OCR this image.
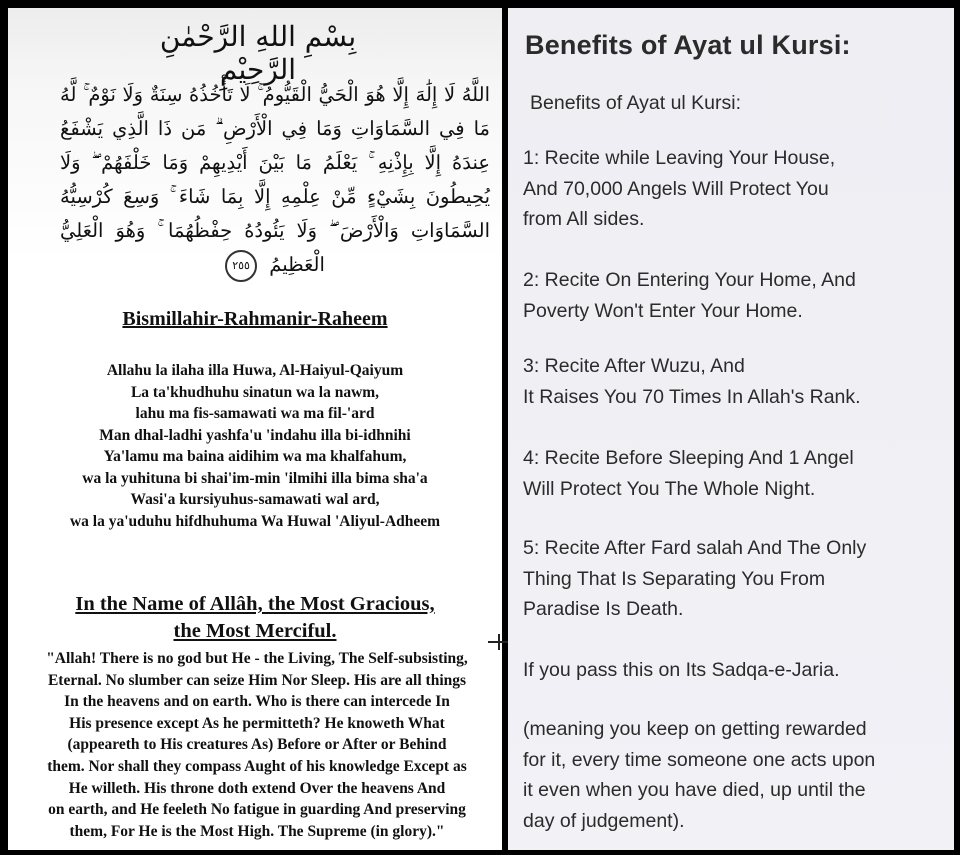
بِسْمِ اللهِ الرَّحْمٰنِ الرَّحِيْمِ
اللَّهُ لَا إِلَٰهَ إِلَّا هُوَ الْحَيُّ الْقَيُّومُ ۚ لَا تَأْخُذُهُ سِنَةٌ وَلَا نَوْمٌ ۚ لَّهُ مَا فِي السَّمَاوَاتِ وَمَا فِي الْأَرْضِ ۗ مَن ذَا الَّذِي يَشْفَعُ عِندَهُ إِلَّا بِإِذْنِهِ ۚ يَعْلَمُ مَا بَيْنَ أَيْدِيهِمْ وَمَا خَلْفَهُمْ ۖ وَلَا يُحِيطُونَ بِشَيْءٍ مِّنْ عِلْمِهِ إِلَّا بِمَا شَاءَ ۚ وَسِعَ كُرْسِيُّهُ السَّمَاوَاتِ وَالْأَرْضَ ۖ وَلَا يَئُودُهُ حِفْظُهُمَا ۚ وَهُوَ الْعَلِيُّ الْعَظِيمُ ٢٥٥
Bismillahir-Rahmanir-Raheem
Allahu la ilaha illa Huwa, Al-Haiyul-Qaiyum
La ta'khudhuhu sinatun wa la nawm,
lahu ma fis-samawati wa ma fil-'ard
Man dhal-ladhi yashfa'u 'indahu illa bi-idhnihi
Ya'lamu ma baina aidihim wa ma khalfahum,
wa la yuhituna bi shai'im-min 'ilmihi illa bima sha'a
Wasi'a kursiyuhus-samawati wal ard,
wa la ya'uduhu hifdhuhuma Wa Huwal 'Aliyul-Adheem
In the Name of Allâh, the Most Gracious,
the Most Merciful.
"Allah! There is no god but He - the Living, The Self-subsisting,
Eternal. No slumber can seize Him Nor Sleep. His are all things
In the heavens and on earth. Who is there can intercede In
His presence except As he permitteth? He knoweth What
(appeareth to His creatures As) Before or After or Behind
them. Nor shall they compass Aught of his knowledge Except as
He willeth. His throne doth extend Over the heavens And
on earth, and He feeleth No fatigue in guarding And preserving
them, For He is the Most High. The Supreme (in glory)."
Benefits of Ayat ul Kursi:
Benefits of Ayat ul Kursi:
1: Recite while Leaving Your House,
And 70,000 Angels Will Protect You
from All sides.
2: Recite On Entering Your Home, And
Poverty Won't Enter Your Home.
3: Recite After Wuzu, And
It Raises You 70 Times In Allah's Rank.
4: Recite Before Sleeping And 1 Angel
Will Protect You The Whole Night.
5: Recite After Fard salah And The Only
Thing That Is Separating You From
Paradise Is Death.
If you pass this on Its Sadqa-e-Jaria.
(meaning you keep on getting rewarded
for it, every time someone one acts upon
it even when you have died, up until the
day of judgement).
